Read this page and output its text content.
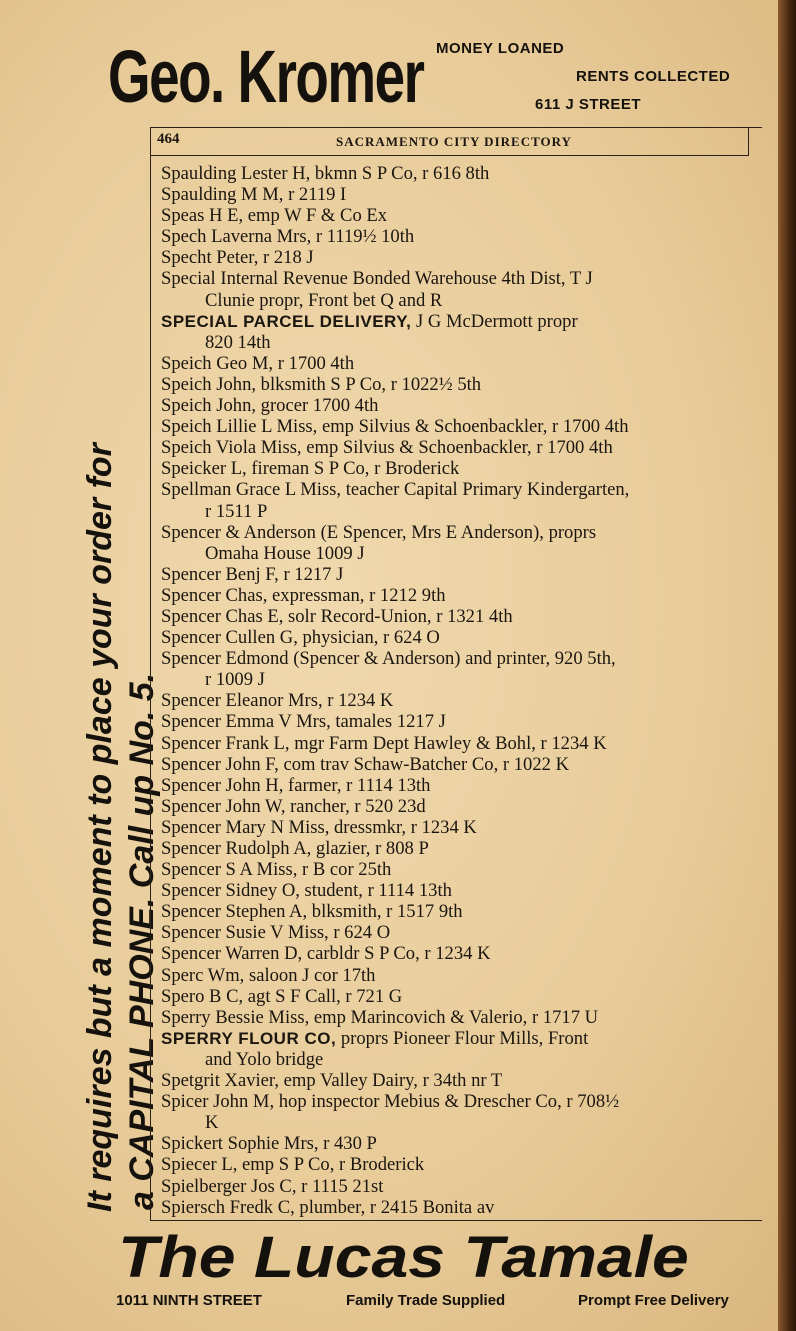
Geo. Kromer MONEY LOANED
RENTS COLLECTED
611 J STREET
It requires but a moment to place your order for a CAPITAL PHONE. Call up No. 5.
464	SACRAMENTO CITY DIRECTORY
Spaulding Lester H, bkmn S P Co, r 616 8th
Spaulding M M, r 2119 I
Speas H E, emp W F & Co Ex
Spech Laverna Mrs, r 1119½ 10th
Specht Peter, r 218 J
Special Internal Revenue Bonded Warehouse 4th Dist, T J
Clunie propr, Front bet Q and R
SPECIAL PARCEL DELIVERY, J G McDermott propr
820 14th
Speich Geo M, r 1700 4th
Speich John, blksmith S P Co, r 1022½ 5th
Speich John, grocer 1700 4th
Speich Lillie L Miss, emp Silvius & Schoenbackler, r 1700 4th
Speich Viola Miss, emp Silvius & Schoenbackler, r 1700 4th
Speicker L, fireman S P Co, r Broderick
Spellman Grace L Miss, teacher Capital Primary Kindergarten,
r 1511 P
Spencer & Anderson (E Spencer, Mrs E Anderson), proprs
Omaha House 1009 J
Spencer Benj F, r 1217 J
Spencer Chas, expressman, r 1212 9th
Spencer Chas E, solr Record-Union, r 1321 4th
Spencer Cullen G, physician, r 624 O
Spencer Edmond (Spencer & Anderson) and printer, 920 5th,
r 1009 J
Spencer Eleanor Mrs, r 1234 K
Spencer Emma V Mrs, tamales 1217 J
Spencer Frank L, mgr Farm Dept Hawley & Bohl, r 1234 K
Spencer John F, com trav Schaw-Batcher Co, r 1022 K
Spencer John H, farmer, r 1114 13th
Spencer John W, rancher, r 520 23d
Spencer Mary N Miss, dressmkr, r 1234 K
Spencer Rudolph A, glazier, r 808 P
Spencer S A Miss, r B cor 25th
Spencer Sidney O, student, r 1114 13th
Spencer Stephen A, blksmith, r 1517 9th
Spencer Susie V Miss, r 624 O
Spencer Warren D, carbldr S P Co, r 1234 K
Sperc Wm, saloon J cor 17th
Spero B C, agt S F Call, r 721 G
Sperry Bessie Miss, emp Marincovich & Valerio, r 1717 U
SPERRY FLOUR CO, proprs Pioneer Flour Mills, Front
and Yolo bridge
Spetgrit Xavier, emp Valley Dairy, r 34th nr T
Spicer John M, hop inspector Mebius & Drescher Co, r 708½
K
Spickert Sophie Mrs, r 430 P
Spiecer L, emp S P Co, r Broderick
Spielberger Jos C, r 1115 21st
Spiersch Fredk C, plumber, r 2415 Bonita av
The Lucas Tamale
1011 NINTH STREET	Family Trade Supplied	Prompt Free Delivery
